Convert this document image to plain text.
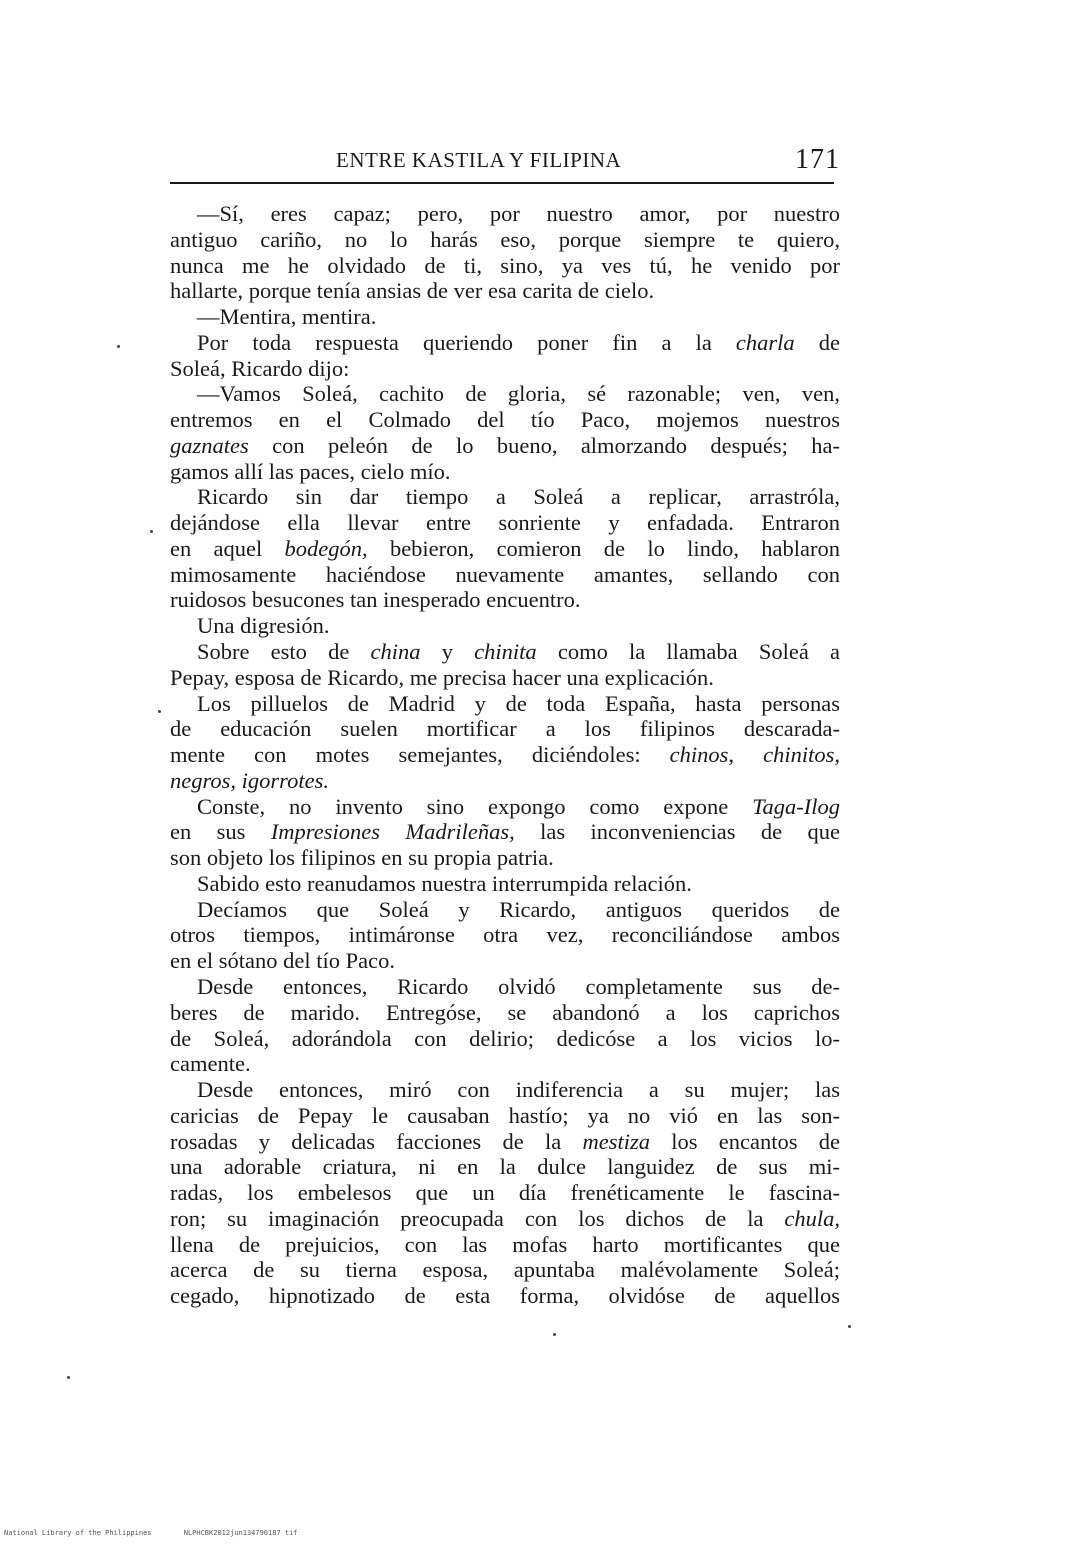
ENTRE KASTILA Y FILIPINA	171
—Sí, eres capaz; pero, por nuestro amor, por nuestro
antiguo cariño, no lo harás eso, porque siempre te quiero,
nunca me he olvidado de ti, sino, ya ves tú, he venido por
hallarte, porque tenía ansias de ver esa carita de cielo.
—Mentira, mentira.
Por toda respuesta queriendo poner fin a la charla de
Soleá, Ricardo dijo:
—Vamos Soleá, cachito de gloria, sé razonable; ven, ven,
entremos en el Colmado del tío Paco, mojemos nuestros
gaznates con peleón de lo bueno, almorzando después; ha-
gamos allí las paces, cielo mío.
Ricardo sin dar tiempo a Soleá a replicar, arrastróla,
dejándose ella llevar entre sonriente y enfadada. Entraron
en aquel bodegón, bebieron, comieron de lo lindo, hablaron
mimosamente haciéndose nuevamente amantes, sellando con
ruidosos besucones tan inesperado encuentro.
Una digresión.
Sobre esto de china y chinita como la llamaba Soleá a
Pepay, esposa de Ricardo, me precisa hacer una explicación.
Los pilluelos de Madrid y de toda España, hasta personas
de educación suelen mortificar a los filipinos descarada-
mente con motes semejantes, diciéndoles: chinos, chinitos,
negros, igorrotes.
Conste, no invento sino expongo como expone Taga-Ilog
en sus Impresiones Madrileñas, las inconveniencias de que
son objeto los filipinos en su propia patria.
Sabido esto reanudamos nuestra interrumpida relación.
Decíamos que Soleá y Ricardo, antiguos queridos de
otros tiempos, intimáronse otra vez, reconciliándose ambos
en el sótano del tío Paco.
Desde entonces, Ricardo olvidó completamente sus de-
beres de marido. Entregóse, se abandonó a los caprichos
de Soleá, adorándola con delirio; dedicóse a los vicios lo-
camente.
Desde entonces, miró con indiferencia a su mujer; las
caricias de Pepay le causaban hastío; ya no vió en las son-
rosadas y delicadas facciones de la mestiza los encantos de
una adorable criatura, ni en la dulce languidez de sus mi-
radas, los embelesos que un día frenéticamente le fascina-
ron; su imaginación preocupada con los dichos de la chula,
llena de prejuicios, con las mofas harto mortificantes que
acerca de su tierna esposa, apuntaba malévolamente Soleá;
cegado, hipnotizado de esta forma, olvidóse de aquellos
National Library of the Philippines	NLPHCBK2012jun134790187 tif
